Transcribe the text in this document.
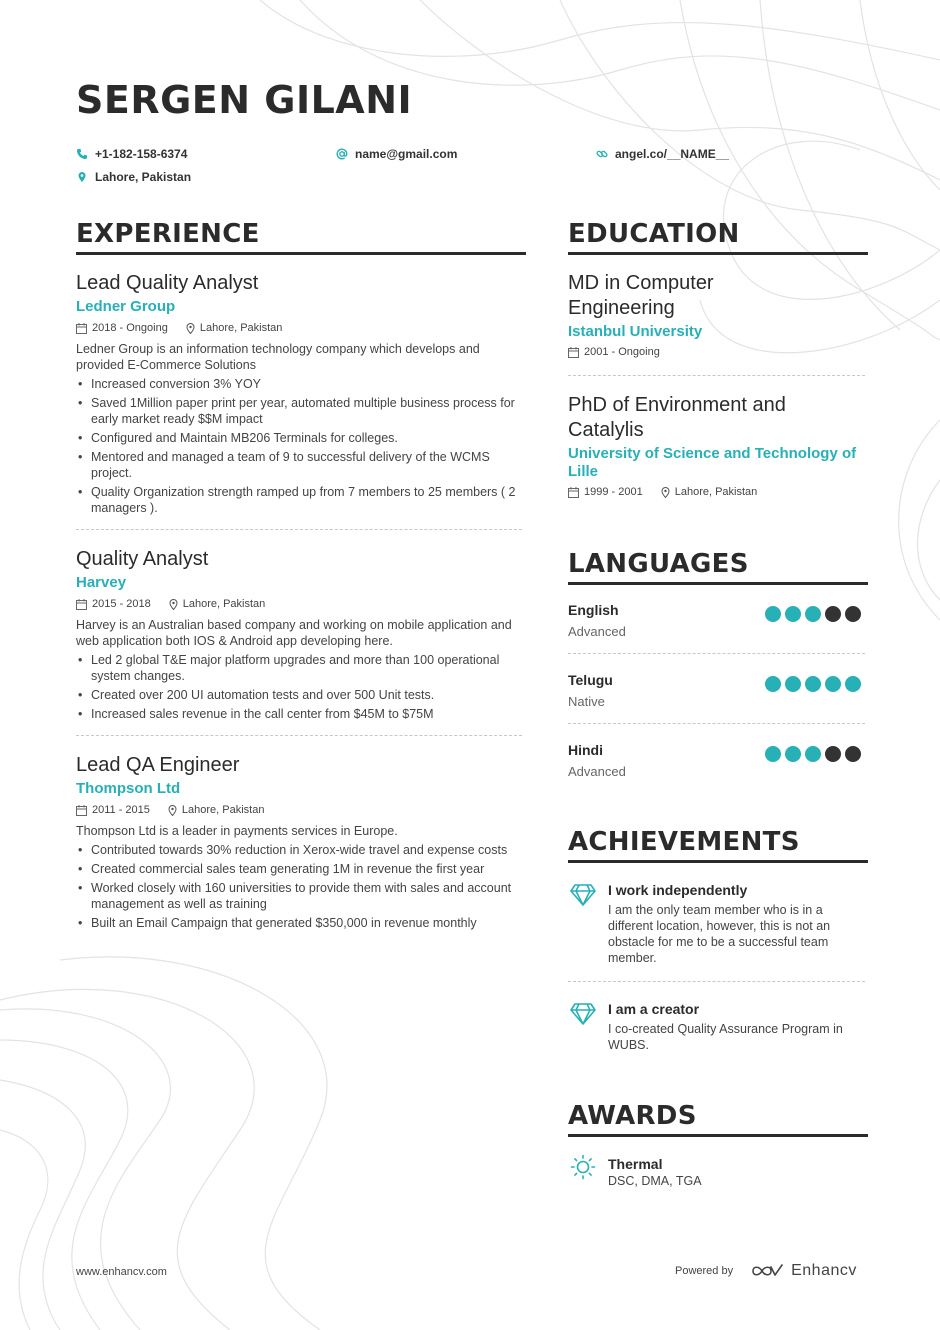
SERGEN GILANI
+1-182-158-6374	name@gmail.com	angel.co/__NAME__
Lahore, Pakistan
EXPERIENCE
Lead Quality Analyst
Ledner Group
2018 - Ongoing	Lahore, Pakistan
Ledner Group is an information technology company which develops and provided E-Commerce Solutions
• Increased conversion 3% YOY
• Saved 1Million paper print per year, automated multiple business process for early market ready $$M impact
• Configured and Maintain MB206 Terminals for colleges.
• Mentored and managed a team of 9 to successful delivery of the WCMS project.
• Quality Organization strength ramped up from 7 members to 25 members ( 2 managers ).
Quality Analyst
Harvey
2015 - 2018	Lahore, Pakistan
Harvey is an Australian based company and working on mobile application and web application both IOS & Android app developing here.
• Led 2 global T&E major platform upgrades and more than 100 operational system changes.
• Created over 200 UI automation tests and over 500 Unit tests.
• Increased sales revenue in the call center from $45M to $75M
Lead QA Engineer
Thompson Ltd
2011 - 2015	Lahore, Pakistan
Thompson Ltd is a leader in payments services in Europe.
• Contributed towards 30% reduction in Xerox-wide travel and expense costs
• Created commercial sales team generating 1M in revenue the first year
• Worked closely with 160 universities to provide them with sales and account management as well as training
• Built an Email Campaign that generated $350,000 in revenue monthly
EDUCATION
MD in Computer Engineering
Istanbul University
2001 - Ongoing
PhD of Environment and Catalylis
University of Science and Technology of Lille
1999 - 2001	Lahore, Pakistan
LANGUAGES
English
Advanced
Telugu
Native
Hindi
Advanced
ACHIEVEMENTS
I work independently
I am the only team member who is in a different location, however, this is not an obstacle for me to be a successful team member.
I am a creator
I co-created Quality Assurance Program in WUBS.
AWARDS
Thermal
DSC, DMA, TGA
www.enhancv.com	Powered by	Enhancv
